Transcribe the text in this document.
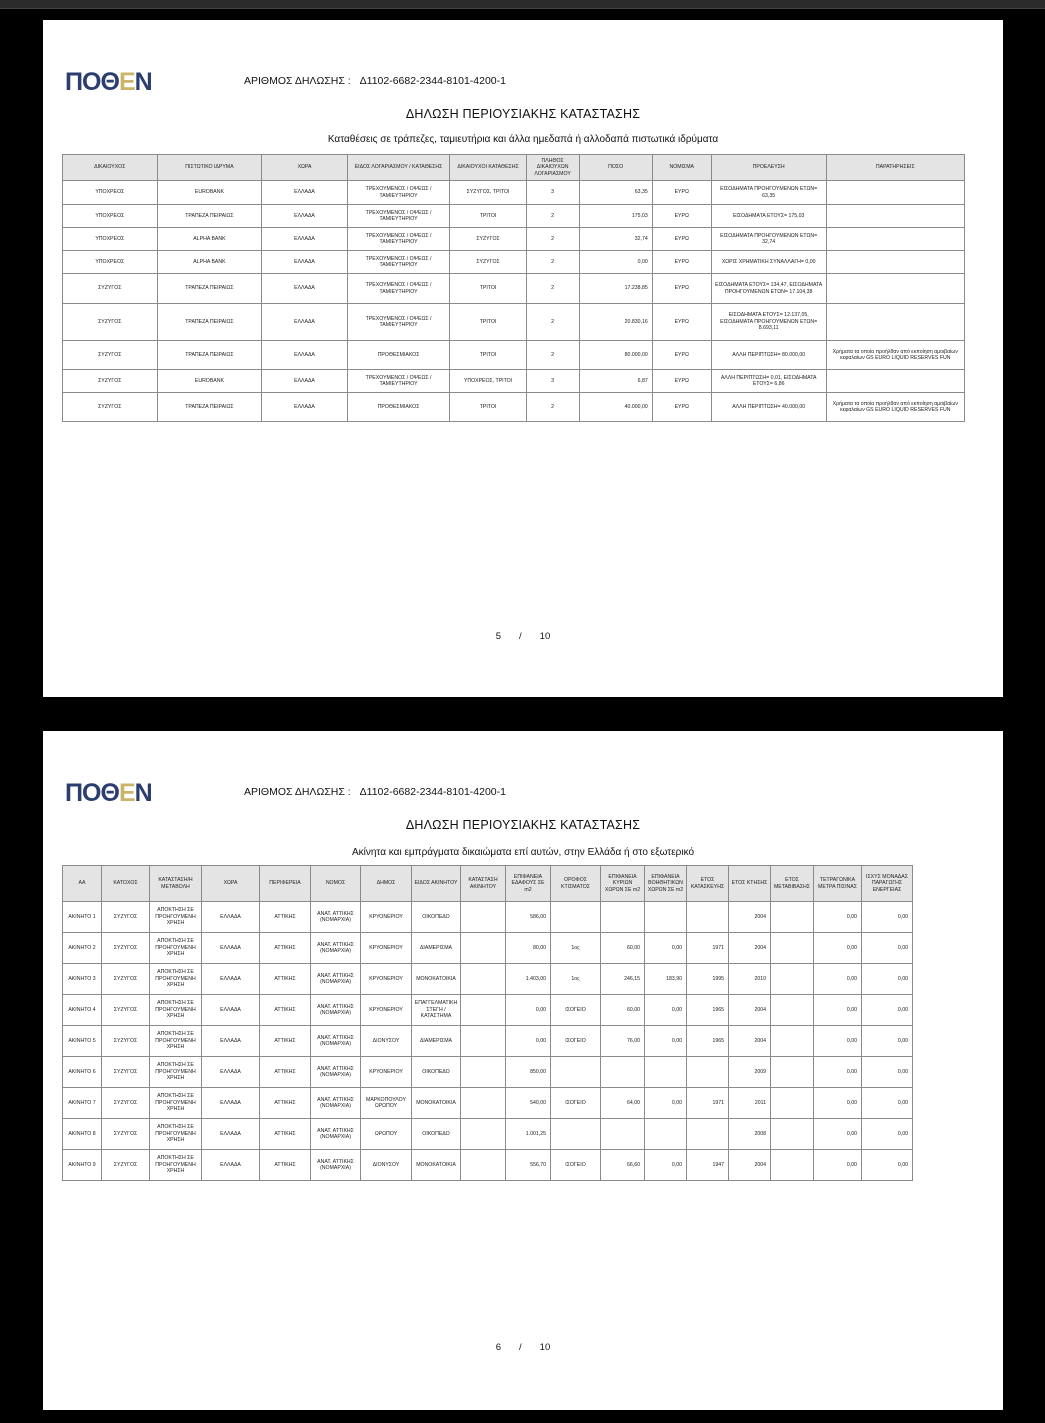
ΠΟΘΕΝ	ΑΡΙΘΜΟΣ ΔΗΛΩΣΗΣ : Δ1102-6682-2344-8101-4200-1
ΔΗΛΩΣΗ ΠΕΡΙΟΥΣΙΑΚΗΣ ΚΑΤΑΣΤΑΣΗΣ
Καταθέσεις σε τράπεζες, ταμιευτήρια και άλλα ημεδαπά ή αλλοδαπά πιστωτικά ιδρύματα
ΔΙΚΑΙΟΥΧΟΣ	ΠΙΣΤΩΤΙΚΟ ΙΔΡΥΜΑ	ΧΩΡΑ	ΕΙΔΟΣ ΛΟΓΑΡΙΑΣΜΟΥ / ΚΑΤΑΘΕΣΗΣ	ΔΙΚΑΙΟΥΧΟΙ ΚΑΤΑΘΕΣΗΣ	ΠΛΗΘΟΣ ΔΙΚΑΙΟΥΧΩΝ ΛΟΓΑΡΙΑΣΜΟΥ	ΠΟΣΟ	ΝΟΜΙΣΜΑ	ΠΡΟΕΛΕΥΣΗ	ΠΑΡΑΤΗΡΗΣΕΙΣ
ΥΠΟΧΡΕΟΣ	EUROBANK	ΕΛΛΑΔΑ	ΤΡΕΧΟΥΜΕΝΟΣ / ΟΨΕΩΣ / ΤΑΜΙΕΥΤΗΡΙΟΥ	ΣΥΖΥΓΟΣ, ΤΡΙΤΟΙ	3	63,35	ΕΥΡΩ	ΕΙΣΟΔΗΜΑΤΑ ΠΡΟΗΓΟΥΜΕΝΩΝ ΕΤΩΝ= 63,35	
ΥΠΟΧΡΕΟΣ	ΤΡΑΠΕΖΑ ΠΕΙΡΑΙΩΣ	ΕΛΛΑΔΑ	ΤΡΕΧΟΥΜΕΝΟΣ / ΟΨΕΩΣ / ΤΑΜΙΕΥΤΗΡΙΟΥ	ΤΡΙΤΟΙ	2	175,03	ΕΥΡΩ	ΕΙΣΟΔΗΜΑΤΑ ΕΤΟΥΣ= 175,03	
ΥΠΟΧΡΕΟΣ	ALPHA BANK	ΕΛΛΑΔΑ	ΤΡΕΧΟΥΜΕΝΟΣ / ΟΨΕΩΣ / ΤΑΜΙΕΥΤΗΡΙΟΥ	ΣΥΖΥΓΟΣ	2	32,74	ΕΥΡΩ	ΕΙΣΟΔΗΜΑΤΑ ΠΡΟΗΓΟΥΜΕΝΩΝ ΕΤΩΝ= 32,74	
ΥΠΟΧΡΕΟΣ	ALPHA BANK	ΕΛΛΑΔΑ	ΤΡΕΧΟΥΜΕΝΟΣ / ΟΨΕΩΣ / ΤΑΜΙΕΥΤΗΡΙΟΥ	ΣΥΖΥΓΟΣ	2	0,00	ΕΥΡΩ	ΧΩΡΙΣ ΧΡΗΜΑΤΙΚΗ ΣΥΝΑΛΛΑΓΗ= 0,00	
ΣΥΖΥΓΟΣ	ΤΡΑΠΕΖΑ ΠΕΙΡΑΙΩΣ	ΕΛΛΑΔΑ	ΤΡΕΧΟΥΜΕΝΟΣ / ΟΨΕΩΣ / ΤΑΜΙΕΥΤΗΡΙΟΥ	ΤΡΙΤΟΙ	2	17.238,85	ΕΥΡΩ	ΕΙΣΟΔΗΜΑΤΑ ΕΤΟΥΣ= 134,47, ΕΙΣΟΔΗΜΑΤΑ ΠΡΟΗΓΟΥΜΕΝΩΝ ΕΤΩΝ= 17.104,38	
ΣΥΖΥΓΟΣ	ΤΡΑΠΕΖΑ ΠΕΙΡΑΙΩΣ	ΕΛΛΑΔΑ	ΤΡΕΧΟΥΜΕΝΟΣ / ΟΨΕΩΣ / ΤΑΜΙΕΥΤΗΡΙΟΥ	ΤΡΙΤΟΙ	2	20.830,16	ΕΥΡΩ	ΕΙΣΟΔΗΜΑΤΑ ΕΤΟΥΣ= 12.137,05, ΕΙΣΟΔΗΜΑΤΑ ΠΡΟΗΓΟΥΜΕΝΩΝ ΕΤΩΝ= 8.693,11	
ΣΥΖΥΓΟΣ	ΤΡΑΠΕΖΑ ΠΕΙΡΑΙΩΣ	ΕΛΛΑΔΑ	ΠΡΟΘΕΣΜΙΑΚΟΣ	ΤΡΙΤΟΙ	2	80.000,00	ΕΥΡΩ	ΑΛΛΗ ΠΕΡΙΠΤΩΣΗ= 80.000,00	Χρήματα τα οποία προήλθαν από εκποίηση αμοιβαίων κεφαλαίων GS EURO LIQUID RESERVES FUN
ΣΥΖΥΓΟΣ	EUROBANK	ΕΛΛΑΔΑ	ΤΡΕΧΟΥΜΕΝΟΣ / ΟΨΕΩΣ / ΤΑΜΙΕΥΤΗΡΙΟΥ	ΥΠΟΧΡΕΟΣ, ΤΡΙΤΟΙ	3	6,87	ΕΥΡΩ	ΑΛΛΗ ΠΕΡΙΠΤΩΣΗ= 0,01, ΕΙΣΟΔΗΜΑΤΑ ΕΤΟΥΣ= 6,86	
ΣΥΖΥΓΟΣ	ΤΡΑΠΕΖΑ ΠΕΙΡΑΙΩΣ	ΕΛΛΑΔΑ	ΠΡΟΘΕΣΜΙΑΚΟΣ	ΤΡΙΤΟΙ	2	40.000,00	ΕΥΡΩ	ΑΛΛΗ ΠΕΡΙΠΤΩΣΗ= 40.000,00	Χρήματα τα οποία προήλθαν από εκποίηση αμοιβαίων κεφαλαίων GS EURO LIQUID RESERVES FUN
5 / 10
ΠΟΘΕΝ	ΑΡΙΘΜΟΣ ΔΗΛΩΣΗΣ : Δ1102-6682-2344-8101-4200-1
ΔΗΛΩΣΗ ΠΕΡΙΟΥΣΙΑΚΗΣ ΚΑΤΑΣΤΑΣΗΣ
Ακίνητα και εμπράγματα δικαιώματα επί αυτών, στην Ελλάδα ή στο εξωτερικό
ΑΑ	ΚΑΤΟΧΟΣ	ΚΑΤΑΣΤΑΣΗ/Η ΜΕΤΑΒΟΛΗ	ΧΩΡΑ	ΠΕΡΙΦΕΡΕΙΑ	ΝΟΜΟΣ	ΔΗΜΟΣ	ΕΙΔΟΣ ΑΚΙΝΗΤΟΥ	ΚΑΤΑΣΤΑΣΗ ΑΚΙΝΗΤΟΥ	ΕΠΙΦΑΝΕΙΑ ΕΔΑΦΟΥΣ ΣΕ m2	ΟΡΟΦΟΣ ΚΤΙΣΜΑΤΟΣ	ΕΠΙΦΑΝΕΙΑ ΚΥΡΙΩΝ ΧΩΡΩΝ ΣΕ m2	ΕΠΙΦΑΝΕΙΑ ΒΟΗΘΗΤΙΚΩΝ ΧΩΡΩΝ ΣΕ m2	ΕΤΟΣ ΚΑΤΑΣΚΕΥΗΣ	ΕΤΟΣ ΚΤΗΣΗΣ	ΕΤΟΣ ΜΕΤΑΒΙΒΑΣΗΣ	ΤΕΤΡΑΓΩΝΙΚΑ ΜΕΤΡΑ ΠΙΣΙΝΑΣ	ΙΣΧΥΣ ΜΟΝΑΔΑΣ ΠΑΡΑΓΩΓΗΣ ΕΝΕΡΓΕΙΑΣ
ΑΚΙΝΗΤΟ 1	ΣΥΖΥΓΟΣ	ΑΠΟΚΤΗΣΗ ΣΕ ΠΡΟΗΓΟΥΜΕΝΗ ΧΡΗΣΗ	ΕΛΛΑΔΑ	ΑΤΤΙΚΗΣ	ΑΝΑΤ. ΑΤΤΙΚΗΣ (ΝΟΜΑΡΧΙΑ)	ΚΡΥΟΝΕΡΙΟΥ	ΟΙΚΟΠΕΔΟ		586,00					2004		0,00	0,00
ΑΚΙΝΗΤΟ 2	ΣΥΖΥΓΟΣ	ΑΠΟΚΤΗΣΗ ΣΕ ΠΡΟΗΓΟΥΜΕΝΗ ΧΡΗΣΗ	ΕΛΛΑΔΑ	ΑΤΤΙΚΗΣ	ΑΝΑΤ. ΑΤΤΙΚΗΣ (ΝΟΜΑΡΧΙΑ)	ΚΡΥΟΝΕΡΙΟΥ	ΔΙΑΜΕΡΙΣΜΑ		80,00	1ος	60,00	0,00	1971	2004		0,00	0,00
ΑΚΙΝΗΤΟ 3	ΣΥΖΥΓΟΣ	ΑΠΟΚΤΗΣΗ ΣΕ ΠΡΟΗΓΟΥΜΕΝΗ ΧΡΗΣΗ	ΕΛΛΑΔΑ	ΑΤΤΙΚΗΣ	ΑΝΑΤ. ΑΤΤΙΚΗΣ (ΝΟΜΑΡΧΙΑ)	ΚΡΥΟΝΕΡΙΟΥ	ΜΟΝΟΚΑΤΟΙΚΙΑ		1.403,00	1ος	246,15	183,90	1995	2010		0,00	0,00
ΑΚΙΝΗΤΟ 4	ΣΥΖΥΓΟΣ	ΑΠΟΚΤΗΣΗ ΣΕ ΠΡΟΗΓΟΥΜΕΝΗ ΧΡΗΣΗ	ΕΛΛΑΔΑ	ΑΤΤΙΚΗΣ	ΑΝΑΤ. ΑΤΤΙΚΗΣ (ΝΟΜΑΡΧΙΑ)	ΚΡΥΟΝΕΡΙΟΥ	ΕΠΑΓΓΕΛΜΑΤΙΚΗ ΣΤΕΓΗ / ΚΑΤΑΣΤΗΜΑ		0,00	ΙΣΟΓΕΙΟ	60,00	0,00	1965	2004		0,00	0,00
ΑΚΙΝΗΤΟ 5	ΣΥΖΥΓΟΣ	ΑΠΟΚΤΗΣΗ ΣΕ ΠΡΟΗΓΟΥΜΕΝΗ ΧΡΗΣΗ	ΕΛΛΑΔΑ	ΑΤΤΙΚΗΣ	ΑΝΑΤ. ΑΤΤΙΚΗΣ (ΝΟΜΑΡΧΙΑ)	ΔΙΟΝΥΣΟΥ	ΔΙΑΜΕΡΙΣΜΑ		0,00	ΙΣΟΓΕΙΟ	76,00	0,00	1965	2004		0,00	0,00
ΑΚΙΝΗΤΟ 6	ΣΥΖΥΓΟΣ	ΑΠΟΚΤΗΣΗ ΣΕ ΠΡΟΗΓΟΥΜΕΝΗ ΧΡΗΣΗ	ΕΛΛΑΔΑ	ΑΤΤΙΚΗΣ	ΑΝΑΤ. ΑΤΤΙΚΗΣ (ΝΟΜΑΡΧΙΑ)	ΚΡΥΟΝΕΡΙΟΥ	ΟΙΚΟΠΕΔΟ		850,00					2009		0,00	0,00
ΑΚΙΝΗΤΟ 7	ΣΥΖΥΓΟΣ	ΑΠΟΚΤΗΣΗ ΣΕ ΠΡΟΗΓΟΥΜΕΝΗ ΧΡΗΣΗ	ΕΛΛΑΔΑ	ΑΤΤΙΚΗΣ	ΑΝΑΤ. ΑΤΤΙΚΗΣ (ΝΟΜΑΡΧΙΑ)	ΜΑΡΚΟΠΟΥΛΟΥ ΩΡΩΠΟΥ	ΜΟΝΟΚΑΤΟΙΚΙΑ		540,00	ΙΣΟΓΕΙΟ	64,00	0,00	1971	2011		0,00	0,00
ΑΚΙΝΗΤΟ 8	ΣΥΖΥΓΟΣ	ΑΠΟΚΤΗΣΗ ΣΕ ΠΡΟΗΓΟΥΜΕΝΗ ΧΡΗΣΗ	ΕΛΛΑΔΑ	ΑΤΤΙΚΗΣ	ΑΝΑΤ. ΑΤΤΙΚΗΣ (ΝΟΜΑΡΧΙΑ)	ΩΡΩΠΟΥ	ΟΙΚΟΠΕΔΟ		1.001,25					2008		0,00	0,00
ΑΚΙΝΗΤΟ 9	ΣΥΖΥΓΟΣ	ΑΠΟΚΤΗΣΗ ΣΕ ΠΡΟΗΓΟΥΜΕΝΗ ΧΡΗΣΗ	ΕΛΛΑΔΑ	ΑΤΤΙΚΗΣ	ΑΝΑΤ. ΑΤΤΙΚΗΣ (ΝΟΜΑΡΧΙΑ)	ΔΙΟΝΥΣΟΥ	ΜΟΝΟΚΑΤΟΙΚΙΑ		556,70	ΙΣΟΓΕΙΟ	66,60	0,00	1947	2004		0,00	0,00
6 / 10
